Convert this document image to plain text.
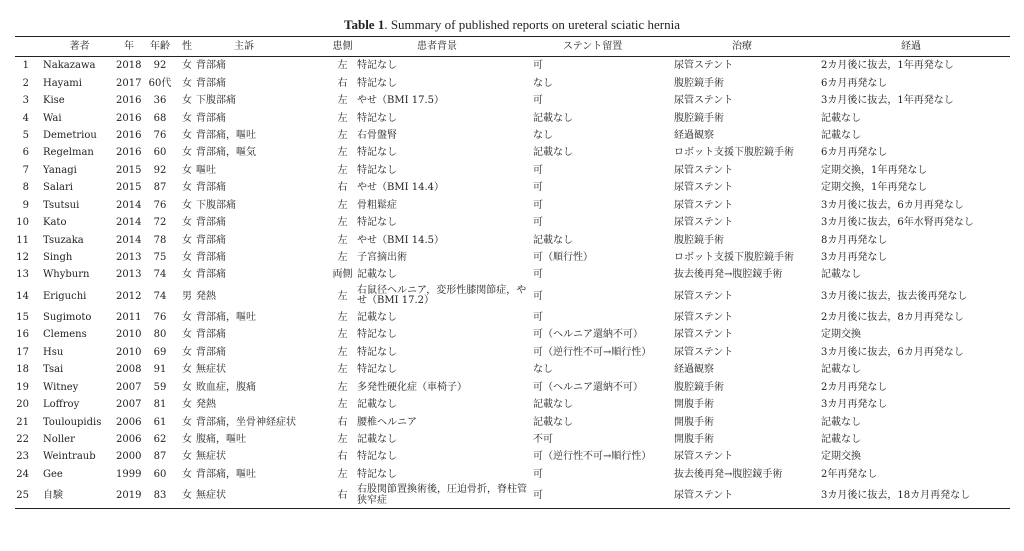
Table 1. Summary of published reports on ureteral sciatic hernia
	著者	年	年齢	性	主訴	患側	患者背景	ステント留置	治療	経過
1	Nakazawa	2018	92	女	背部痛	左	特記なし	可	尿管ステント	2カ月後に抜去，1年再発なし
2	Hayami	2017	60代	女	背部痛	右	特記なし	なし	腹腔鏡手術	6カ月再発なし
3	Kise	2016	36	女	下腹部痛	左	やせ（BMI 17.5）	可	尿管ステント	3カ月後に抜去，1年再発なし
4	Wai	2016	68	女	背部痛	左	特記なし	記載なし	腹腔鏡手術	記載なし
5	Demetriou	2016	76	女	背部痛，嘔吐	左	右骨盤腎	なし	経過観察	記載なし
6	Regelman	2016	60	女	背部痛，嘔気	左	特記なし	記載なし	ロボット支援下腹腔鏡手術	6カ月再発なし
7	Yanagi	2015	92	女	嘔吐	左	特記なし	可	尿管ステント	定期交換，1年再発なし
8	Salari	2015	87	女	背部痛	右	やせ（BMI 14.4）	可	尿管ステント	定期交換，1年再発なし
9	Tsutsui	2014	76	女	下腹部痛	左	骨粗鬆症	可	尿管ステント	3カ月後に抜去，6カ月再発なし
10	Kato	2014	72	女	背部痛	左	特記なし	可	尿管ステント	3カ月後に抜去，6年水腎再発なし
11	Tsuzaka	2014	78	女	背部痛	左	やせ（BMI 14.5）	記載なし	腹腔鏡手術	8カ月再発なし
12	Singh	2013	75	女	背部痛	左	子宮摘出術	可（順行性）	ロボット支援下腹腔鏡手術	3カ月再発なし
13	Whyburn	2013	74	女	背部痛	両側	記載なし	可	抜去後再発→腹腔鏡手術	記載なし
14	Eriguchi	2012	74	男	発熱	左	右鼠径ヘルニア，変形性膝関節症，やせ（BMI 17.2）	可	尿管ステント	3カ月後に抜去，抜去後再発なし
15	Sugimoto	2011	76	女	背部痛，嘔吐	左	記載なし	可	尿管ステント	2カ月後に抜去，8カ月再発なし
16	Clemens	2010	80	女	背部痛	左	特記なし	可（ヘルニア還納不可）	尿管ステント	定期交換
17	Hsu	2010	69	女	背部痛	左	特記なし	可（逆行性不可→順行性）	尿管ステント	3カ月後に抜去，6カ月再発なし
18	Tsai	2008	91	女	無症状	左	特記なし	なし	経過観察	記載なし
19	Witney	2007	59	女	敗血症，腹痛	左	多発性硬化症（車椅子）	可（ヘルニア還納不可）	腹腔鏡手術	2カ月再発なし
20	Loffroy	2007	81	女	発熱	左	記載なし	記載なし	開腹手術	3カ月再発なし
21	Touloupidis	2006	61	女	背部痛，坐骨神経症状	右	腰椎ヘルニア	記載なし	開腹手術	記載なし
22	Noller	2006	62	女	腹痛，嘔吐	左	記載なし	不可	開腹手術	記載なし
23	Weintraub	2000	87	女	無症状	右	特記なし	可（逆行性不可→順行性）	尿管ステント	定期交換
24	Gee	1999	60	女	背部痛，嘔吐	左	特記なし	可	抜去後再発→腹腔鏡手術	2年再発なし
25	自験	2019	83	女	無症状	右	右股関節置換術後，圧迫骨折，脊柱管狭窄症	可	尿管ステント	3カ月後に抜去，18カ月再発なし
